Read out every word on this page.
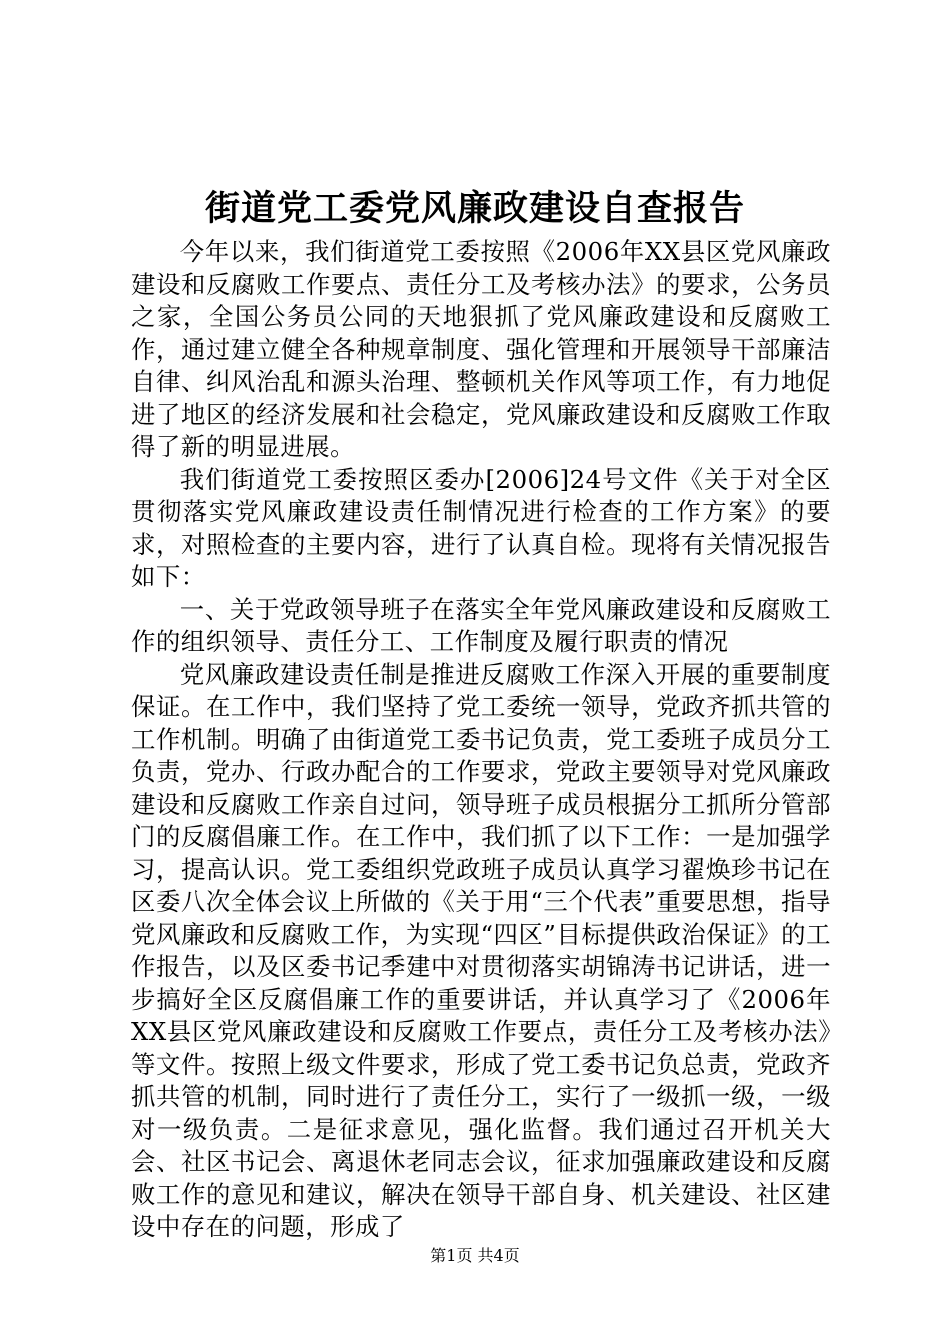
街道党工委党风廉政建设自查报告

今年以来，我们街道党工委按照《2006年XX县区党风廉政建设和反腐败工作要点、责任分工及考核办法》的要求，公务员之家，全国公务员公同的天地狠抓了党风廉政建设和反腐败工作，通过建立健全各种规章制度、强化管理和开展领导干部廉洁自律、纠风治乱和源头治理、整顿机关作风等项工作，有力地促进了地区的经济发展和社会稳定，党风廉政建设和反腐败工作取得了新的明显进展。

我们街道党工委按照区委办[2006]24号文件《关于对全区贯彻落实党风廉政建设责任制情况进行检查的工作方案》的要求，对照检查的主要内容，进行了认真自检。现将有关情况报告如下：

一、关于党政领导班子在落实全年党风廉政建设和反腐败工作的组织领导、责任分工、工作制度及履行职责的情况

党风廉政建设责任制是推进反腐败工作深入开展的重要制度保证。在工作中，我们坚持了党工委统一领导，党政齐抓共管的工作机制。明确了由街道党工委书记负责，党工委班子成员分工负责，党办、行政办配合的工作要求，党政主要领导对党风廉政建设和反腐败工作亲自过问，领导班子成员根据分工抓所分管部门的反腐倡廉工作。在工作中，我们抓了以下工作：一是加强学习，提高认识。党工委组织党政班子成员认真学习翟焕珍书记在区委八次全体会议上所做的《关于用“三个代表”重要思想，指导党风廉政和反腐败工作，为实现“四区”目标提供政治保证》的工作报告，以及区委书记季建中对贯彻落实胡锦涛书记讲话，进一步搞好全区反腐倡廉工作的重要讲话，并认真学习了《2006年XX县区党风廉政建设和反腐败工作要点，责任分工及考核办法》等文件。按照上级文件要求，形成了党工委书记负总责，党政齐抓共管的机制，同时进行了责任分工，实行了一级抓一级，一级对一级负责。二是征求意见，强化监督。我们通过召开机关大会、社区书记会、离退休老同志会议，征求加强廉政建设和反腐败工作的意见和建议，解决在领导干部自身、机关建设、社区建设中存在的问题，形成了

第1页 共4页
